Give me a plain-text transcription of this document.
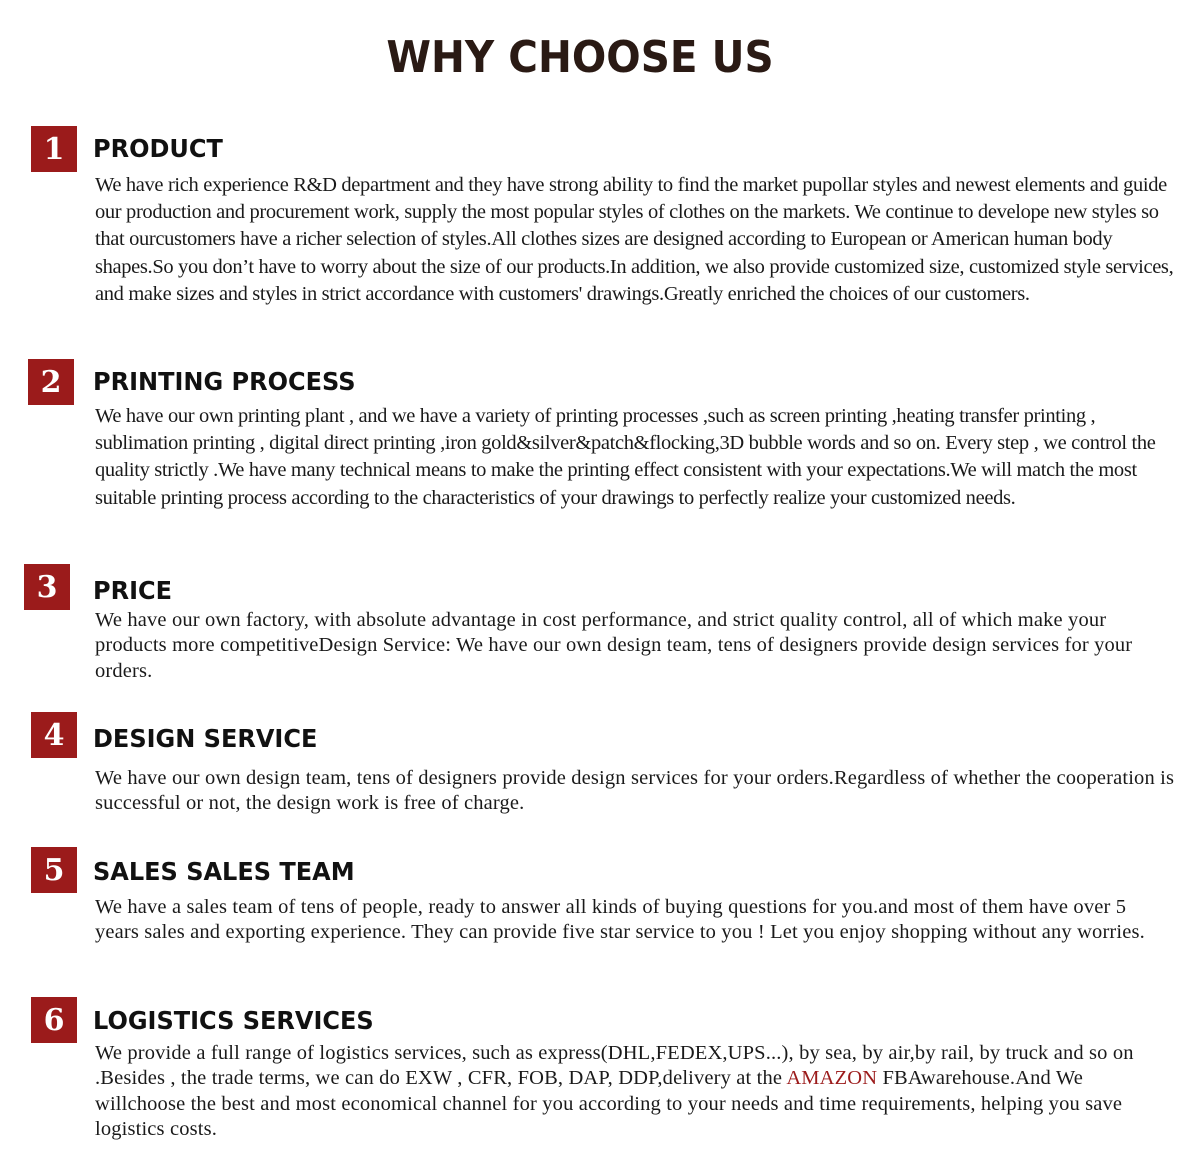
WHY CHOOSE US
1	PRODUCT
We have rich experience R&D department and they have strong ability to find the market pupollar styles and newest elements and guide our production and procurement work, supply the most popular styles of clothes on the markets. We continue to develope new styles so that ourcustomers have a richer selection of styles.All clothes sizes are designed according to European or American human body shapes.So you don’t have to worry about the size of our products.In addition, we also provide customized size, customized style services, and make sizes and styles in strict accordance with customers' drawings.Greatly enriched the choices of our customers.
2	PRINTING PROCESS
We have our own printing plant , and we have a variety of printing processes ,such as screen printing ,heating transfer printing , sublimation printing , digital direct printing ,iron gold&silver&patch&flocking,3D bubble words and so on. Every step , we control the quality strictly .We have many technical means to make the printing effect consistent with your expectations.We will match the most suitable printing process according to the characteristics of your drawings to perfectly realize your customized needs.
3	PRICE
We have our own factory, with absolute advantage in cost performance, and strict quality control, all of which make your products more competitiveDesign Service: We have our own design team, tens of designers provide design services for your orders.
4	DESIGN SERVICE
We have our own design team, tens of designers provide design services for your orders.Regardless of whether the cooperation is successful or not, the design work is free of charge.
5	SALES SALES TEAM
We have a sales team of tens of people, ready to answer all kinds of buying questions for you.and most of them have over 5 years sales and exporting experience. They can provide five star service to you ! Let you enjoy shopping without any worries.
6	LOGISTICS SERVICES
We provide a full range of logistics services, such as express(DHL,FEDEX,UPS...), by sea, by air,by rail, by truck and so on .Besides , the trade terms, we can do EXW , CFR, FOB, DAP, DDP,delivery at the AMAZON FBAwarehouse.And We willchoose the best and most economical channel for you according to your needs and time requirements, helping you save logistics costs.
